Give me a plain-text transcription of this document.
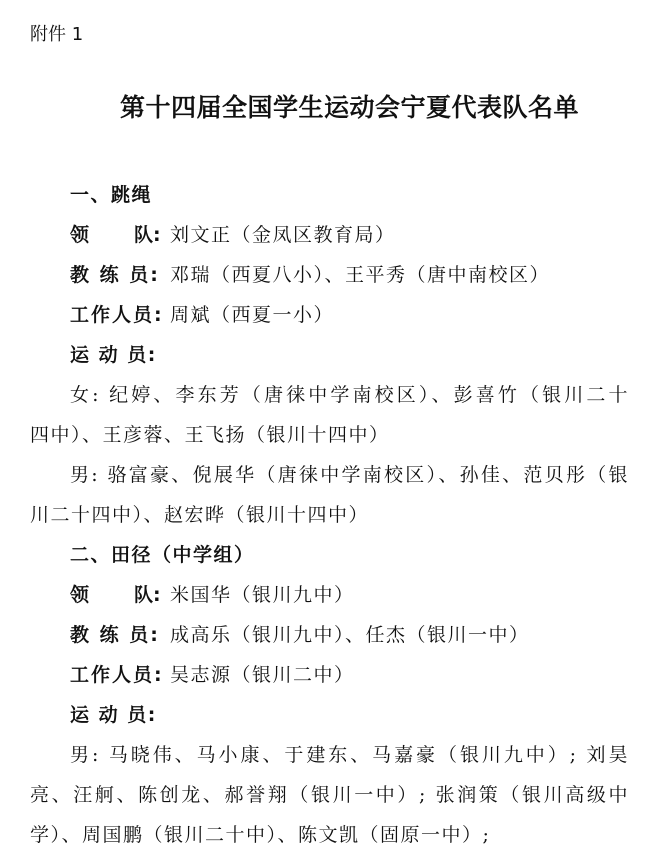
附件 1
第十四届全国学生运动会宁夏代表队名单
一、跳绳
领 队: 刘文正（金凤区教育局）
教 练 员: 邓瑞（西夏八小）、王平秀（唐中南校区）
工作人员: 周斌（西夏一小）
运 动 员:
女: 纪婷、李东芳（唐徕中学南校区）、彭喜竹（银川二十
四中）、王彦蓉、王飞扬（银川十四中）
男: 骆富豪、倪展华（唐徕中学南校区）、孙佳、范贝彤（银
川二十四中）、赵宏晔（银川十四中）
二、田径（中学组）
领 队: 米国华（银川九中）
教 练 员: 成高乐（银川九中）、任杰（银川一中）
工作人员: 吴志源（银川二中）
运 动 员:
男: 马晓伟、马小康、于建东、马嘉豪（银川九中）; 刘昊
亮、汪舸、陈创龙、郝誉翔（银川一中）; 张润策（银川高级中
学）、周国鹏（银川二十中）、陈文凯（固原一中）;
